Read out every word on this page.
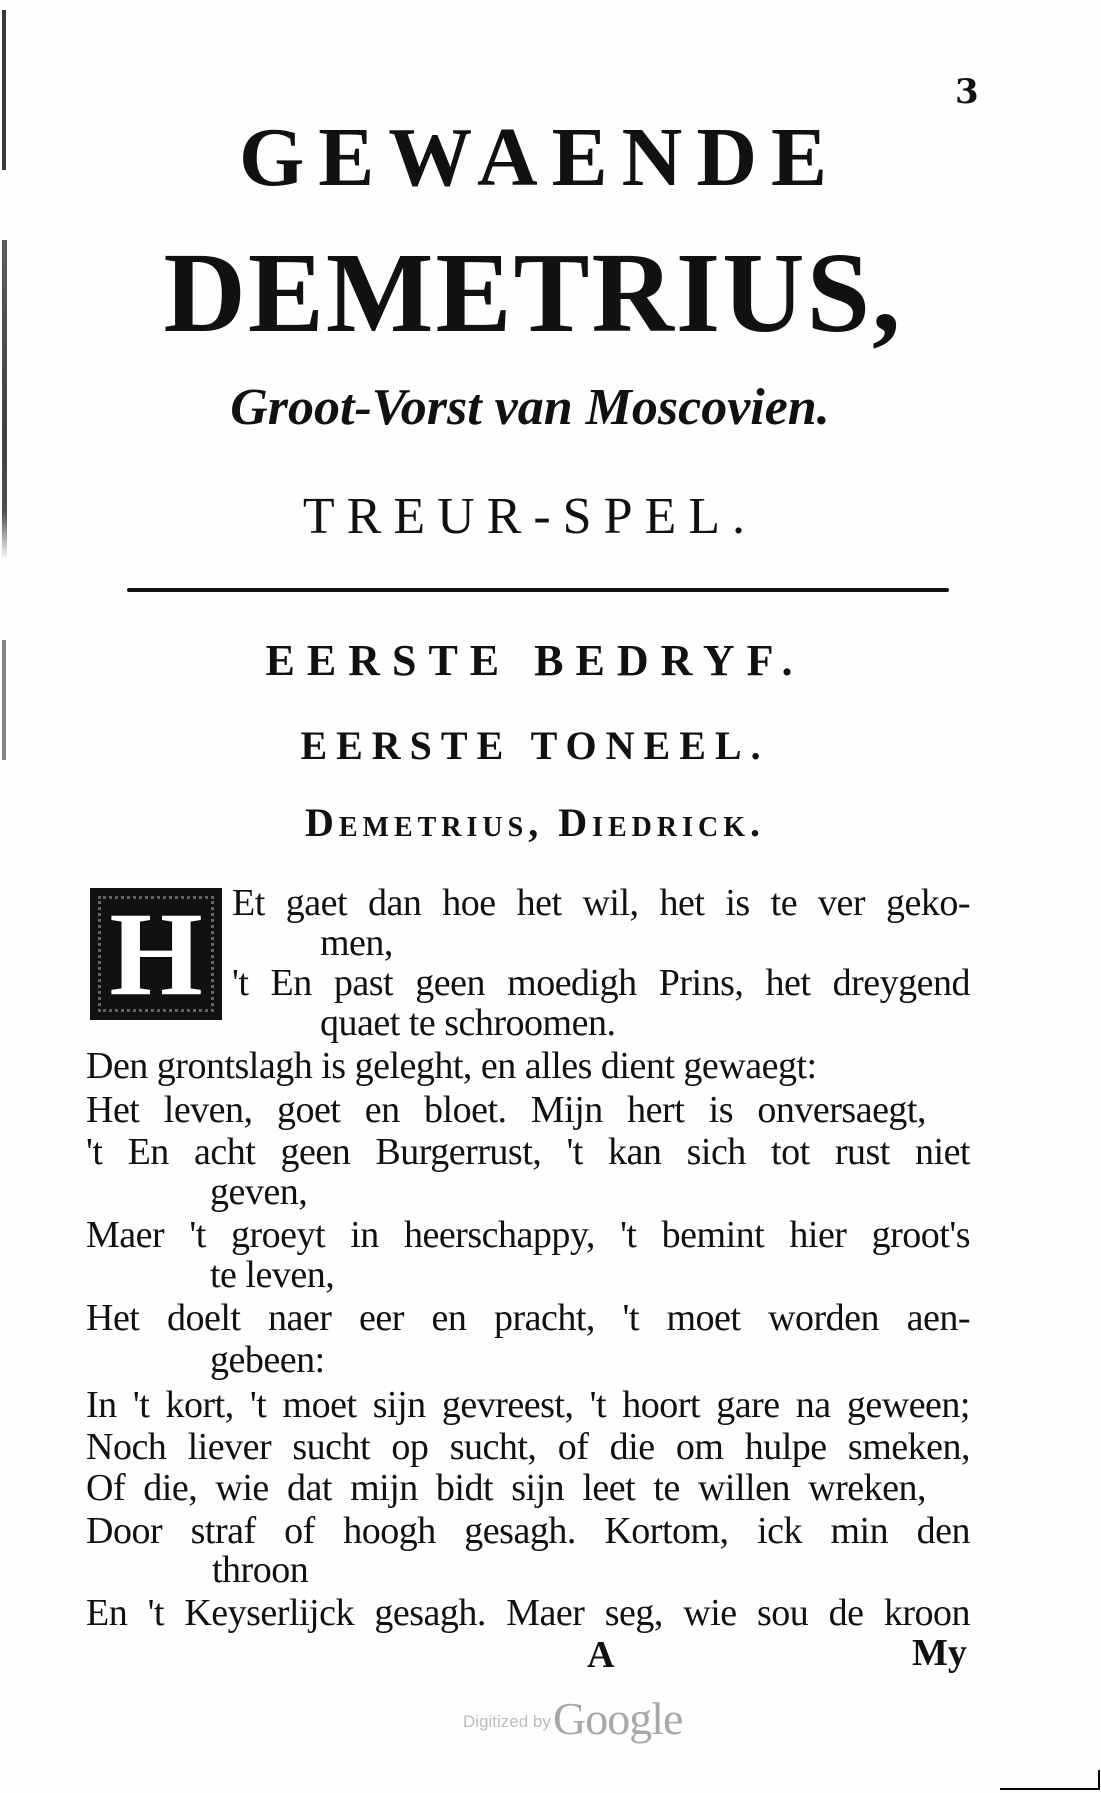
3
GEWAENDE
DEMETRIUS,
Groot-Vorst van Moscovien.
TREUR-SPEL.
EERSTE BEDRYF.
EERSTE TONEEL.
Demetrius, Diedrick.
H Et gaet dan hoe het wil, het is te ver geko-
men,
't En past geen moedigh Prins, het dreygend
quaet te schroomen.
Den grontslagh is geleght, en alles dient gewaegt:
Het leven, goet en bloet. Mijn hert is onversaegt,
't En acht geen Burgerrust, 't kan sich tot rust niet
geven,
Maer 't groeyt in heerschappy, 't bemint hier groot's
te leven,
Het doelt naer eer en pracht, 't moet worden aen-
gebeen:
In 't kort, 't moet sijn gevreest, 't hoort gare na geween;
Noch liever sucht op sucht, of die om hulpe smeken,
Of die, wie dat mijn bidt sijn leet te willen wreken,
Door straf of hoogh gesagh. Kortom, ick min den
throon
En 't Keyserlijck gesagh. Maer seg, wie sou de kroon
A	My
Digitized by Google
